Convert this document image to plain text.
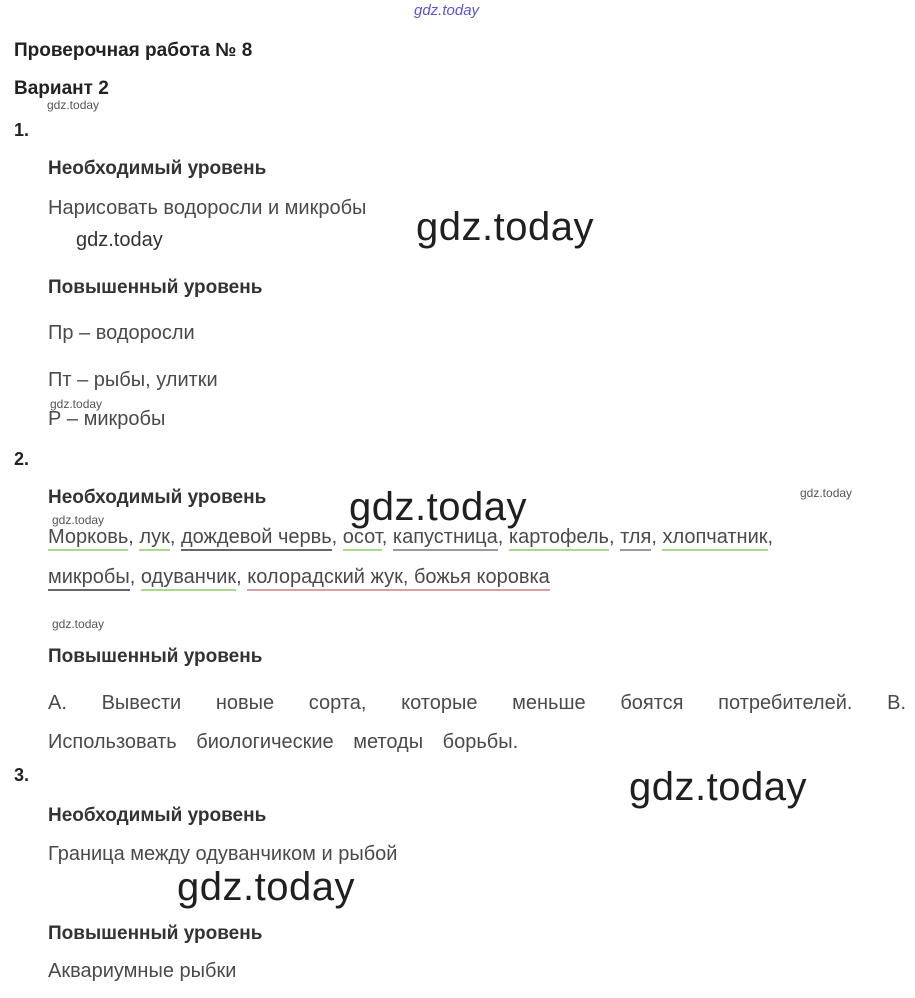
gdz.today
Проверочная работа № 8
Вариант 2
gdz.today
1.
Необходимый уровень
Нарисовать водоросли и микробы gdz.today
gdz.today
Повышенный уровень
Пр – водоросли
Пт – рыбы, улитки
gdz.today
Р – микробы
2.
Необходимый уровень gdz.today	gdz.today
gdz.today
Морковь, лук, дождевой червь, осот, капустница, картофель, тля, хлопчатник,
микробы, одуванчик, колорадский жук, божья коровка
gdz.today
Повышенный уровень
А. Вывести новые сорта, которые меньше боятся потребителей. В. Использовать биологические методы борьбы.
3.	gdz.today
Необходимый уровень
Граница между одуванчиком и рыбой
gdz.today
Повышенный уровень
Аквариумные рыбки
